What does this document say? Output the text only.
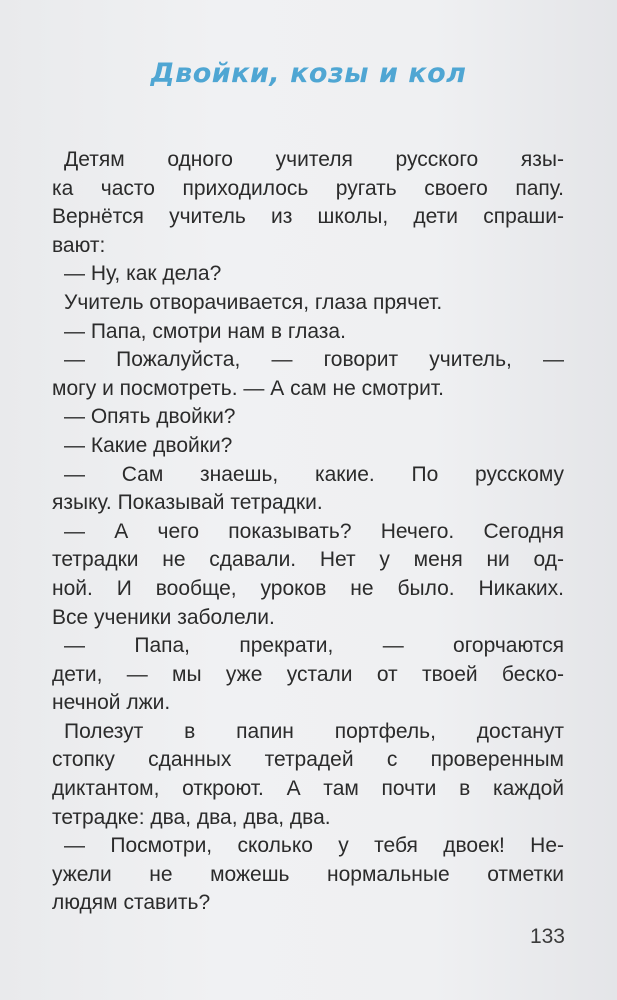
Двойки, козы и кол
Детям одного учителя русского язы-
ка часто приходилось ругать своего папу.
Вернётся учитель из школы, дети спраши-
вают:
— Ну, как дела?
Учитель отворачивается, глаза прячет.
— Папа, смотри нам в глаза.
— Пожалуйста, — говорит учитель, —
могу и посмотреть. — А сам не смотрит.
— Опять двойки?
— Какие двойки?
— Сам знаешь, какие. По русскому
языку. Показывай тетрадки.
— А чего показывать? Нечего. Сегодня
тетрадки не сдавали. Нет у меня ни од-
ной. И вообще, уроков не было. Никаких.
Все ученики заболели.
— Папа, прекрати, — огорчаются
дети, — мы уже устали от твоей беско-
нечной лжи.
Полезут в папин портфель, достанут
стопку сданных тетрадей с проверенным
диктантом, откроют. А там почти в каждой
тетрадке: два, два, два, два.
— Посмотри, сколько у тебя двоек! Не-
ужели не можешь нормальные отметки
людям ставить?
133
